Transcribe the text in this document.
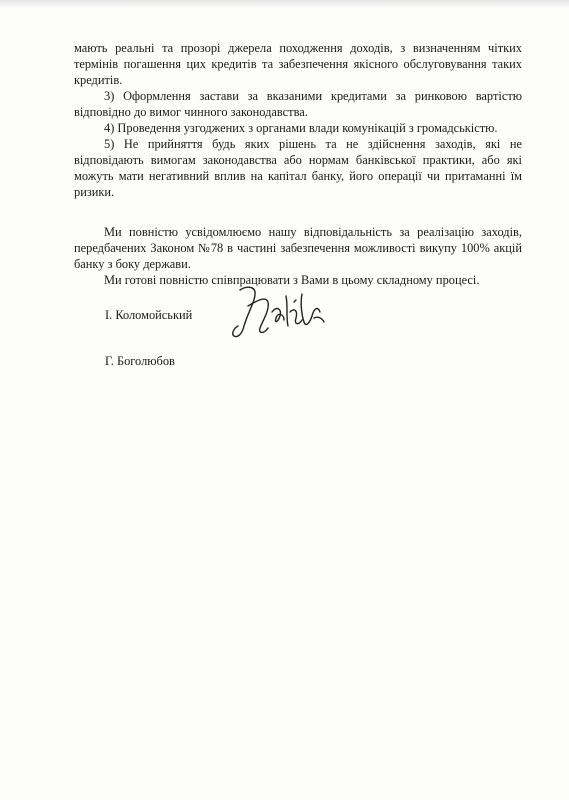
мають реальні та прозорі джерела походження доходів, з визначенням чітких термінів погашення цих кредитів та забезпечення якісного обслуговування таких кредитів.

3) Оформлення застави за вказаними кредитами за ринковою вартістю відповідно до вимог чинного законодавства.

4) Проведення узгоджених з органами влади комунікацій з громадськістю.

5) Не прийняття будь яких рішень та не здійснення заходів, які не відповідають вимогам законодавства або нормам банківської практики, або які можуть мати негативний вплив на капітал банку, його операції чи притаманні їм ризики.

Ми повністю усвідомлюємо нашу відповідальність за реалізацію заходів, передбачених Законом №78 в частині забезпечення можливості викупу 100% акцій банку з боку держави.

Ми готові повністю співпрацювати з Вами в цьому складному процесі.

І. Коломойський
Г. Боголюбов
